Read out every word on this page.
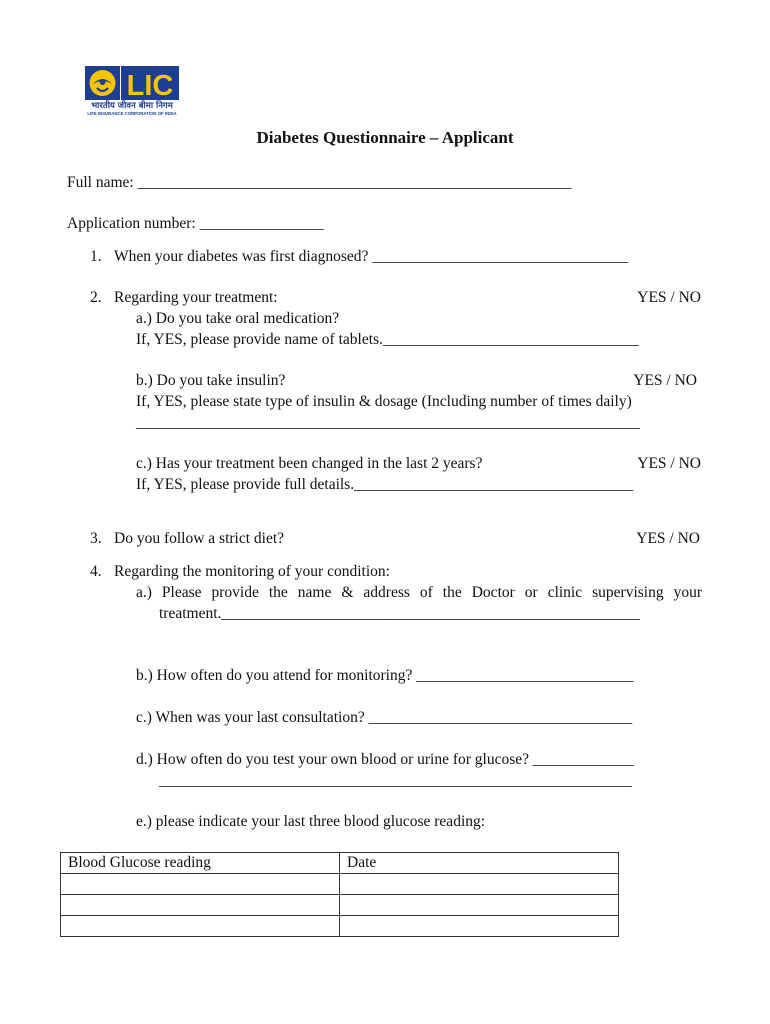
LIC
भारतीय जीवन बीमा निगम
LIFE INSURANCE CORPORATION OF INDIA
Diabetes Questionnaire – Applicant
Full name: ________________________________________________________
Application number: ________________
1. When your diabetes was first diagnosed? _________________________________
2. Regarding your treatment:	YES / NO
a.) Do you take oral medication?
If, YES, please provide name of tablets._________________________________
b.) Do you take insulin?	YES / NO
If, YES, please state type of insulin & dosage (Including number of times daily)
_________________________________________________________________
c.) Has your treatment been changed in the last 2 years?	YES / NO
If, YES, please provide full details.____________________________________
3. Do you follow a strict diet?	YES / NO
4. Regarding the monitoring of your condition:
a.) Please provide the name & address of the Doctor or clinic supervising your
treatment.______________________________________________________
b.) How often do you attend for monitoring? ____________________________
c.) When was your last consultation? __________________________________
d.) How often do you test your own blood or urine for glucose? _____________
_____________________________________________________________
e.) please indicate your last three blood glucose reading:
Blood Glucose reading	Date
